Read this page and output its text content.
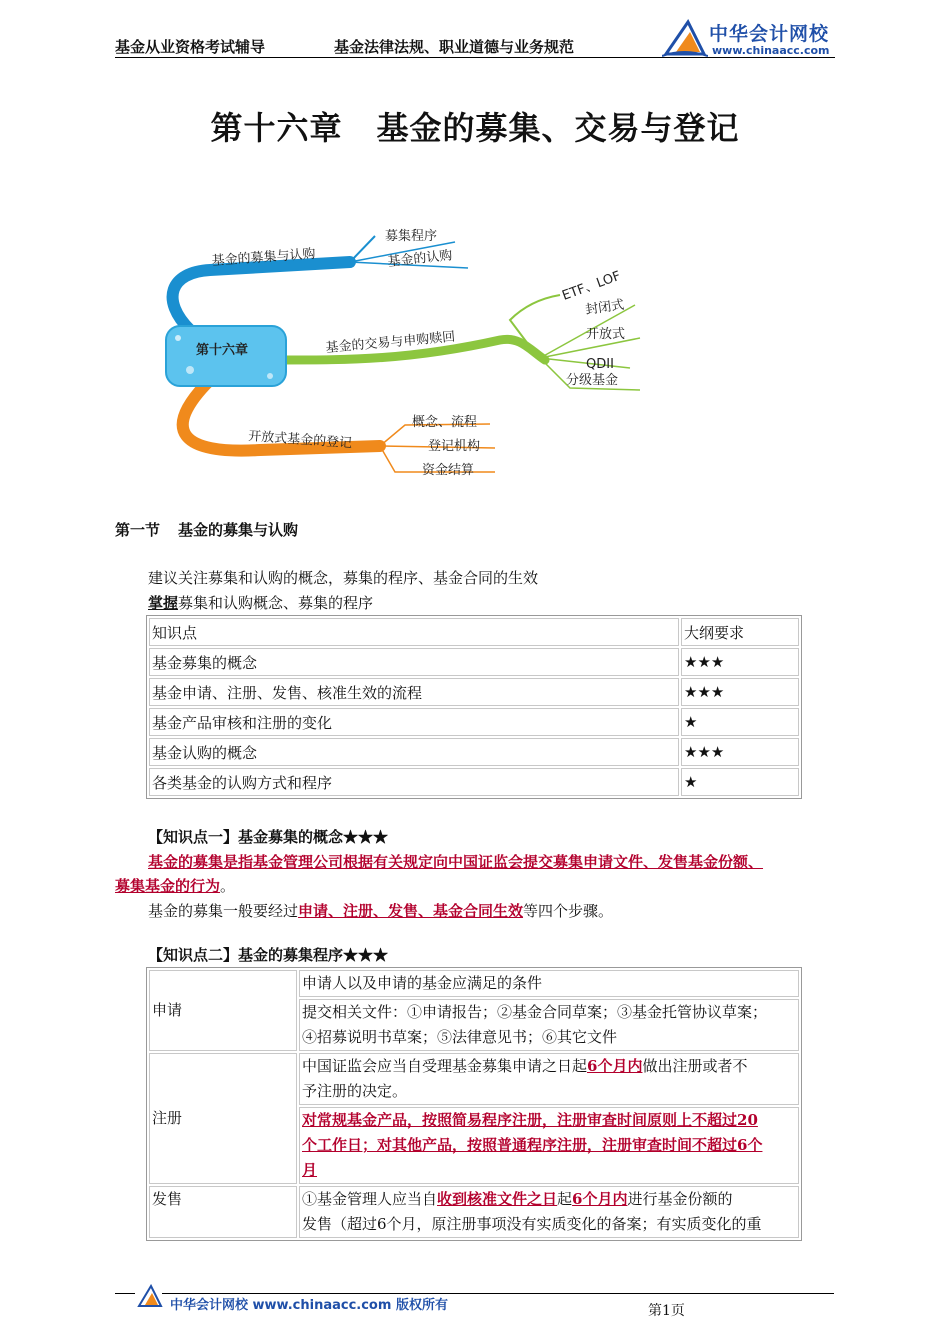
基金从业资格考试辅导	基金法律法规、职业道德与业务规范
中华会计网校
www.chinaacc.com
第十六章 基金的募集、交易与登记
第十六章
基金的募集与认购
募集程序
基金的认购
基金的交易与申购赎回
ETF、LOF
封闭式
开放式
QDII
分级基金
开放式基金的登记
概念、流程
登记机构
资金结算
第一节 基金的募集与认购
建议关注募集和认购的概念，募集的程序、基金合同的生效
掌握募集和认购概念、募集的程序
知识点	大纲要求
基金募集的概念	★★★
基金申请、注册、发售、核准生效的流程	★★★
基金产品审核和注册的变化	★
基金认购的概念	★★★
各类基金的认购方式和程序	★
【知识点一】基金募集的概念★★★
基金的募集是指基金管理公司根据有关规定向中国证监会提交募集申请文件、发售基金份额、
募集基金的行为。
基金的募集一般要经过申请、注册、发售、基金合同生效等四个步骤。
【知识点二】基金的募集程序★★★
申请	申请人以及申请的基金应满足的条件

	提交相关文件：①申请报告；②基金合同草案；③基金托管协议草案；
④招募说明书草案；⑤法律意见书；⑥其它文件

注册	中国证监会应当自受理基金募集申请之日起6个月内做出注册或者不
予注册的决定。

	对常规基金产品，按照简易程序注册，注册审查时间原则上不超过20
个工作日；对其他产品，按照普通程序注册，注册审查时间不超过6个
月

发售	①基金管理人应当自收到核准文件之日起6个月内进行基金份额的
发售（超过6个月，原注册事项没有实质变化的备案；有实质变化的重
中华会计网校 www.chinaacc.com 版权所有	第1页
